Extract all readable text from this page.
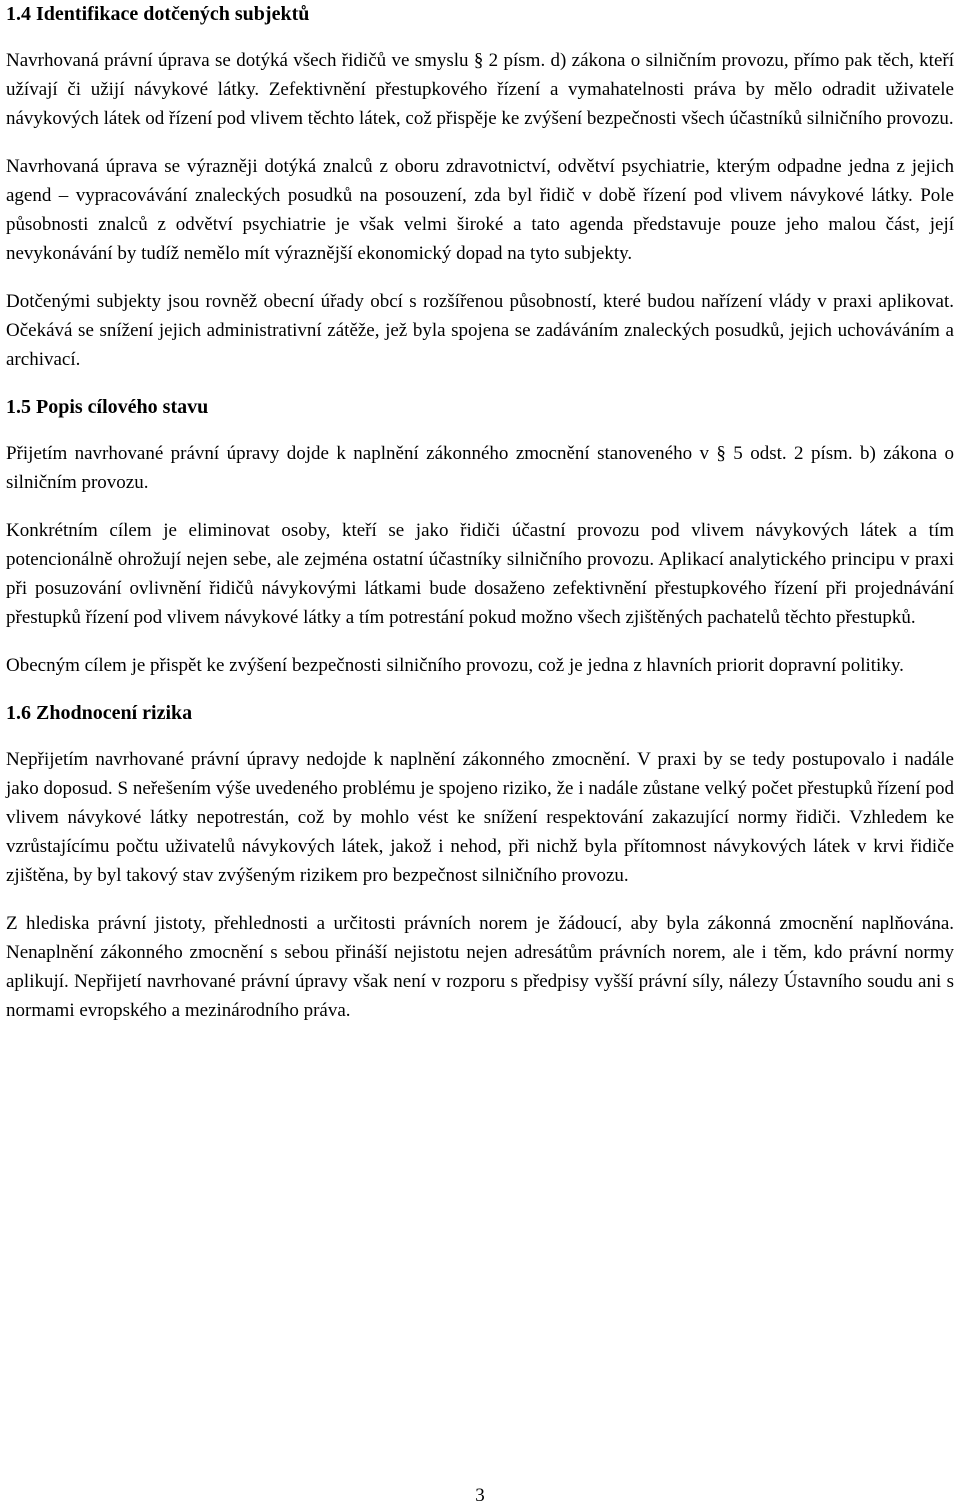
1.4 Identifikace dotčených subjektů

Navrhovaná právní úprava se dotýká všech řidičů ve smyslu § 2 písm. d) zákona o silničním provozu, přímo pak těch, kteří užívají či užijí návykové látky. Zefektivnění přestupkového řízení a vymahatelnosti práva by mělo odradit uživatele návykových látek od řízení pod vlivem těchto látek, což přispěje ke zvýšení bezpečnosti všech účastníků silničního provozu.

Navrhovaná úprava se výrazněji dotýká znalců z oboru zdravotnictví, odvětví psychiatrie, kterým odpadne jedna z jejich agend – vypracovávání znaleckých posudků na posouzení, zda byl řidič v době řízení pod vlivem návykové látky. Pole působnosti znalců z odvětví psychiatrie je však velmi široké a tato agenda představuje pouze jeho malou část, její nevykonávání by tudíž nemělo mít výraznější ekonomický dopad na tyto subjekty.

Dotčenými subjekty jsou rovněž obecní úřady obcí s rozšířenou působností, které budou nařízení vlády v praxi aplikovat. Očekává se snížení jejich administrativní zátěže, jež byla spojena se zadáváním znaleckých posudků, jejich uchováváním a archivací.

1.5 Popis cílového stavu

Přijetím navrhované právní úpravy dojde k naplnění zákonného zmocnění stanoveného v § 5 odst. 2 písm. b) zákona o silničním provozu.

Konkrétním cílem je eliminovat osoby, kteří se jako řidiči účastní provozu pod vlivem návykových látek a tím potencionálně ohrožují nejen sebe, ale zejména ostatní účastníky silničního provozu. Aplikací analytického principu v praxi při posuzování ovlivnění řidičů návykovými látkami bude dosaženo zefektivnění přestupkového řízení při projednávání přestupků řízení pod vlivem návykové látky a tím potrestání pokud možno všech zjištěných pachatelů těchto přestupků.

Obecným cílem je přispět ke zvýšení bezpečnosti silničního provozu, což je jedna z hlavních priorit dopravní politiky.

1.6 Zhodnocení rizika

Nepřijetím navrhované právní úpravy nedojde k naplnění zákonného zmocnění. V praxi by se tedy postupovalo i nadále jako doposud. S neřešením výše uvedeného problému je spojeno riziko, že i nadále zůstane velký počet přestupků řízení pod vlivem návykové látky nepotrestán, což by mohlo vést ke snížení respektování zakazující normy řidiči. Vzhledem ke vzrůstajícímu počtu uživatelů návykových látek, jakož i nehod, při nichž byla přítomnost návykových látek v krvi řidiče zjištěna, by byl takový stav zvýšeným rizikem pro bezpečnost silničního provozu.

Z hlediska právní jistoty, přehlednosti a určitosti právních norem je žádoucí, aby byla zákonná zmocnění naplňována. Nenaplnění zákonného zmocnění s sebou přináší nejistotu nejen adresátům právních norem, ale i těm, kdo právní normy aplikují. Nepřijetí navrhované právní úpravy však není v rozporu s předpisy vyšší právní síly, nálezy Ústavního soudu ani s normami evropského a mezinárodního práva.

3
